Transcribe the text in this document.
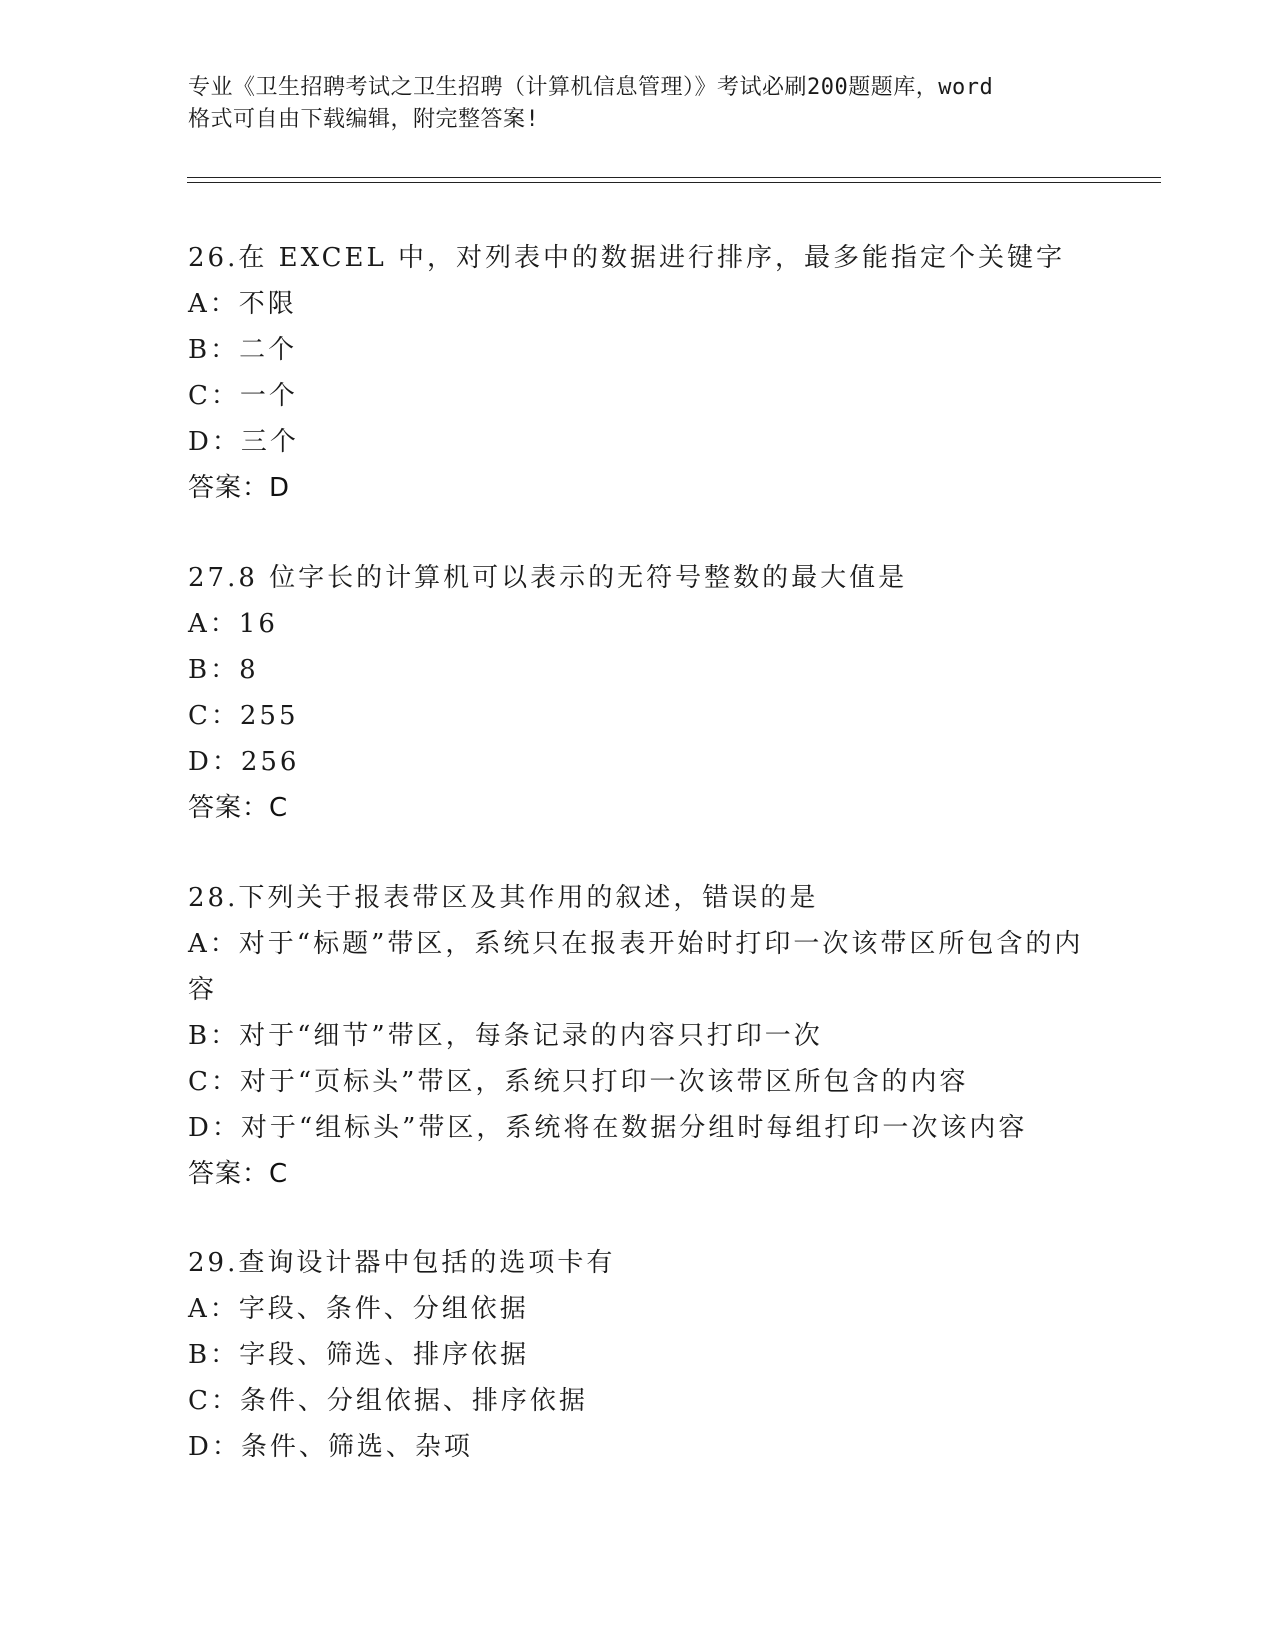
专业《卫生招聘考试之卫生招聘（计算机信息管理）》考试必刷200题题库，word
格式可自由下载编辑，附完整答案!
26.在 EXCEL 中，对列表中的数据进行排序，最多能指定个关键字
A：不限
B：二个
C：一个
D：三个
答案：D
27.8 位字长的计算机可以表示的无符号整数的最大值是
A：16
B：8
C：255
D：256
答案：C
28.下列关于报表带区及其作用的叙述，错误的是
A：对于“标题”带区，系统只在报表开始时打印一次该带区所包含的内容
B：对于“细节”带区，每条记录的内容只打印一次
C：对于“页标头”带区，系统只打印一次该带区所包含的内容
D：对于“组标头”带区，系统将在数据分组时每组打印一次该内容
答案：C
29.查询设计器中包括的选项卡有
A：字段、条件、分组依据
B：字段、筛选、排序依据
C：条件、分组依据、排序依据
D：条件、筛选、杂项
